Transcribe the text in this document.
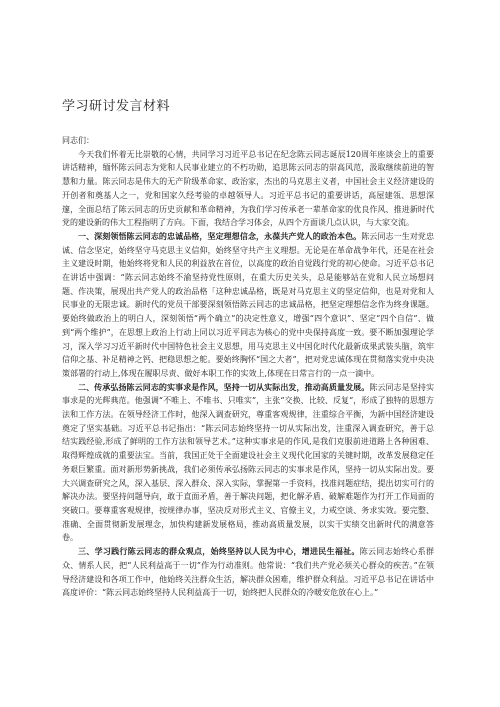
学习研讨发言材料

同志们：

今天我们怀着无比崇敬的心情，共同学习习近平总书记在纪念陈云同志诞辰120周年座谈会上的重要讲话精神，缅怀陈云同志为党和人民事业建立的不朽功勋，追思陈云同志的崇高风范，汲取继续前进的智慧和力量。陈云同志是伟大的无产阶级革命家、政治家，杰出的马克思主义者，中国社会主义经济建设的开创者和奠基人之一，党和国家久经考验的卓越领导人。习近平总书记的重要讲话，高屋建瓴、思想深邃，全面总结了陈云同志的历史贡献和革命精神，为我们学习传承老一辈革命家的优良作风、推进新时代党的建设新的伟大工程指明了方向。下面，我结合学习体会，从四个方面谈几点认识，与大家交流。

一、深刻领悟陈云同志的忠诚品格，坚定理想信念，永葆共产党人的政治本色。陈云同志一生对党忠诚、信念坚定，始终坚守马克思主义信仰，始终坚守共产主义理想。无论是在革命战争年代，还是在社会主义建设时期，他始终将党和人民的利益放在首位，以高度的政治自觉践行党的初心使命。习近平总书记在讲话中强调：“陈云同志始终不渝坚持党性原则，在重大历史关头，总是能够站在党和人民立场想问题、作决策，展现出共产党人的政治品格「这种忠诚品格，既是对马克思主义的坚定信仰，也是对党和人民事业的无限忠诚。新时代的党员干部要深刻领悟陈云同志的忠诚品格，把坚定理想信念作为终身课题。要始终做政治上的明白人，深刻领悟“两个确立”的决定性意义，增强“四个意识”、坚定“四个自信”、做到“两个维护”，在思想上政治上行动上同以习近平同志为核心的党中央保持高度一致。要不断加强理论学习，深入学习习近平新时代中国特色社会主义思想，用马克思主义中国化时代化最新成果武装头脑，筑牢信仰之基、补足精神之钙、把稳思想之舵。要始终胸怀“国之大者”，把对党忠诚体现在贯彻落实党中央决策部署的行动上,体现在履职尽责、做好本职工作的实效上,体现在日常言行的一点一滴中。

二、传承弘扬陈云同志的实事求是作风，坚持一切从实际出发，推动高质量发展。陈云同志是坚持实事求是的光辉典范。他强调“不唯上、不唯书、只唯实”，主张“交换、比较、反复”，形成了独特的思想方法和工作方法。在领导经济工作时，他深入调查研究，尊重客观规律，注重综合平衡，为新中国经济建设奠定了坚实基础。习近平总书记指出：“陈云同志始终坚持一切从实际出发，注重深入调查研究，善于总结实践经验,形成了鲜明的工作方法和领导艺术。”这种实事求是的作风,是我们克服前进道路上各种困难、取得辉煌成就的重要法宝。当前，我国正处于全面建设社会主义现代化国家的关键时期，改革发展稳定任务艰巨繁重。面对新形势新挑战，我们必须传承弘扬陈云同志的实事求是作风，坚持一切从实际出发。要大兴调查研究之风，深入基层、深入群众、深入实际，掌握第一手资料，找准问题症结，提出切实可行的解决办法。要坚持问题导向，敢于直面矛盾，善于解决问题，把化解矛盾、破解难题作为打开工作局面的突破口。要尊重客观规律，按规律办事，坚决反对形式主义、官僚主义，力戒空谈、务求实效。要完整、准确、全面贯彻新发展理念，加快构建新发展格局，推动高质量发展，以实干实绩交出新时代的满意答卷。

三、学习践行陈云同志的群众观点，始终坚持以人民为中心，增进民生福祉。陈云同志始终心系群众、情系人民，把“人民利益高于一切”作为行动准则。他常说：“我们共产党必须关心群众的疾苦。”在领导经济建设和各项工作中，他始终关注群众生活，解决群众困难，维护群众利益。习近平总书记在讲话中高度评价：“陈云同志始终坚持人民利益高于一切，始终把人民群众的冷暖安危放在心上。”
